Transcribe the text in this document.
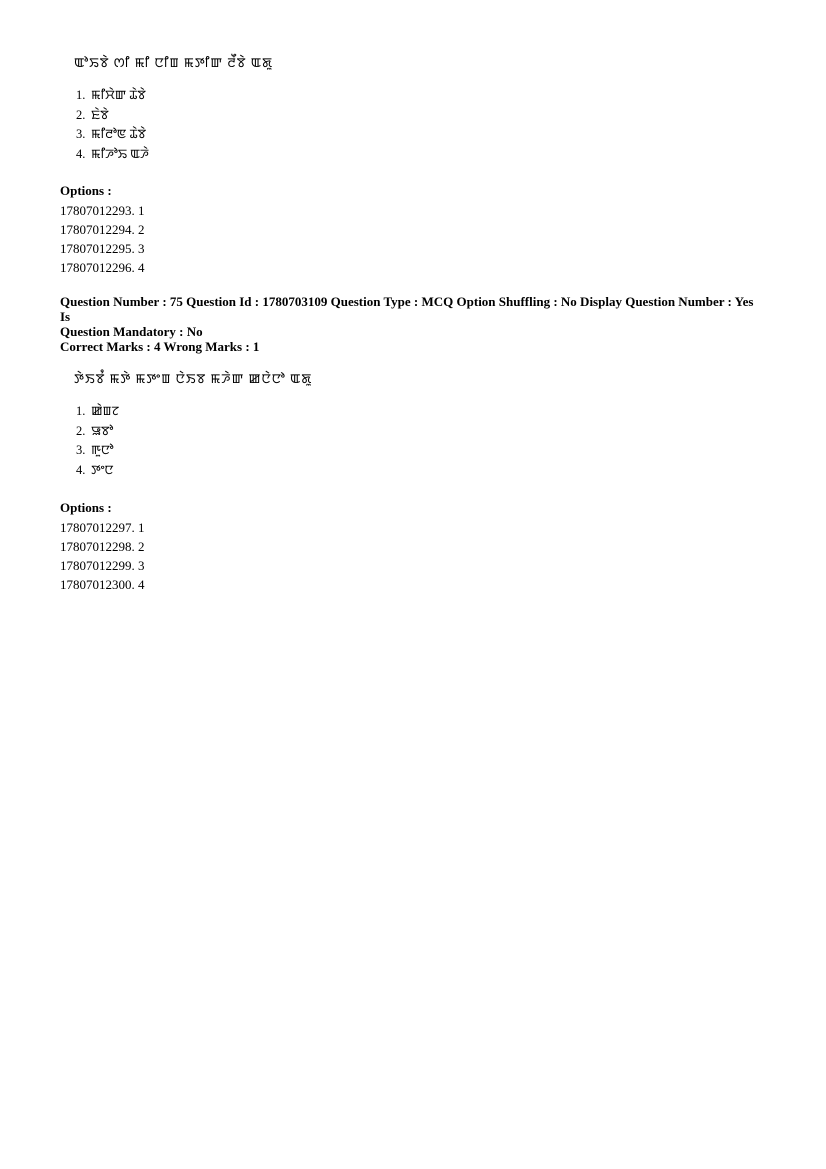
ꯑꯣꯢꯕꯥ ꯁꯤ ꯃꯤ ꯅꯤꯡ ꯃꯇꯤꯛ ꯂꯩꯕꯥ ꯑꯗꯨ
1. ꯃꯤꯆꯥꯛ ꯊꯥꯕꯥ
2. ꯐꯥꯕꯥ
3. ꯃꯤꯂꯣꯟ ꯊꯥꯕꯥ
4. ꯃꯤꯍꯣꯢ ꯑꯍꯥ
Options :
17807012293. 1
17807012294. 2
17807012295. 3
17807012296. 4
Question Number : 75 Question Id : 1780703109 Question Type : MCQ Option Shuffling : No Display Question Number : Yes Is
Question Mandatory : No
Correct Marks : 4 Wrong Marks : 1
ꯇꯥꯏꯕꯪ ꯃꯇꯥ ꯃꯇꯦꯡ ꯅꯥꯏꯕ ꯃꯍꯥꯛ ꯀꯅꯥꯅꯣ ꯑꯗꯨ
1. ꯀꯥꯡꯖ
2. ꯎꯕꯣ
3. ꯒꯨꯅꯣ
4. ꯇꯦꯅ
Options :
17807012297. 1
17807012298. 2
17807012299. 3
17807012300. 4
